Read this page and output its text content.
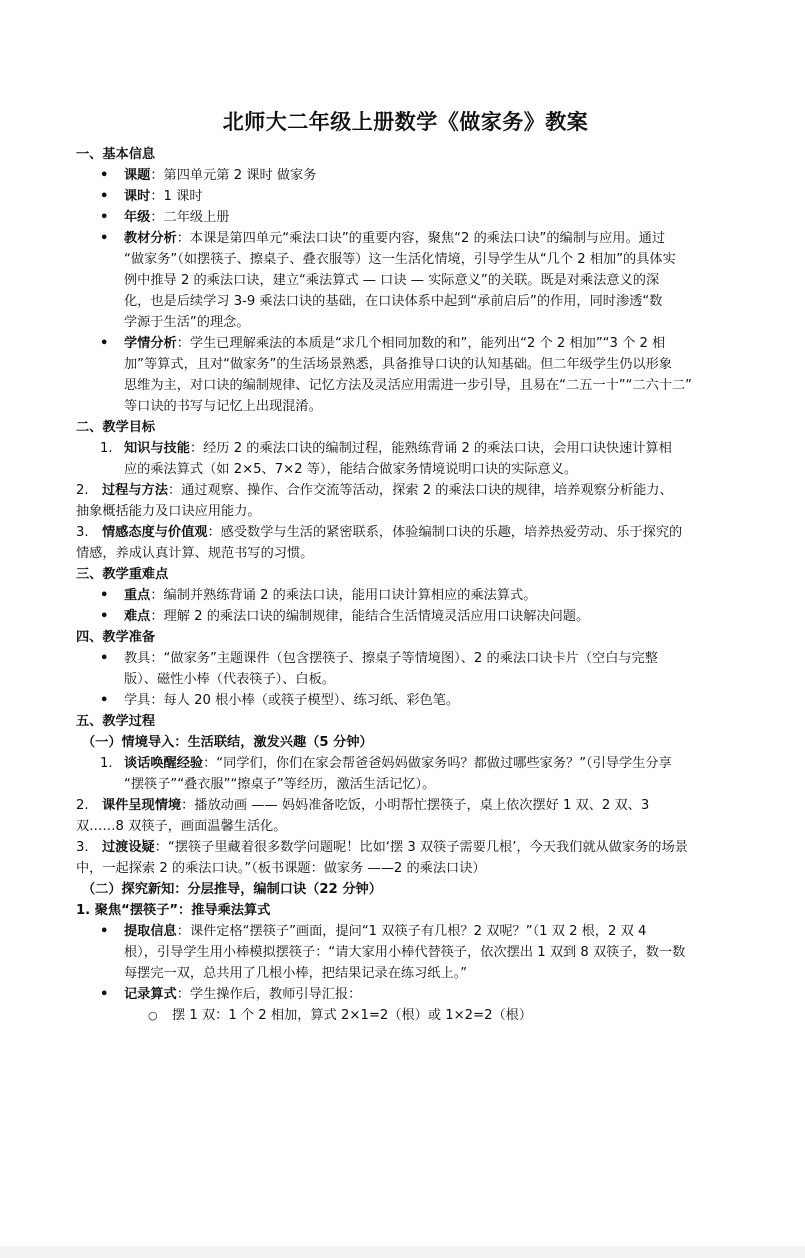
北师大二年级上册数学《做家务》教案
一、基本信息
• 课题：第四单元第 2 课时 做家务
• 课时：1 课时
• 年级：二年级上册
• 教材分析：本课是第四单元“乘法口诀”的重要内容，聚焦“2 的乘法口诀”的编制与应用。通过
“做家务”（如摆筷子、擦桌子、叠衣服等）这一生活化情境，引导学生从“几个 2 相加”的具体实
例中推导 2 的乘法口诀，建立“乘法算式 — 口诀 — 实际意义”的关联。既是对乘法意义的深
化，也是后续学习 3-9 乘法口诀的基础，在口诀体系中起到“承前启后”的作用，同时渗透“数
学源于生活”的理念。
• 学情分析：学生已理解乘法的本质是“求几个相同加数的和”，能列出“2 个 2 相加”“3 个 2 相
加”等算式，且对“做家务”的生活场景熟悉，具备推导口诀的认知基础。但二年级学生仍以形象
思维为主，对口诀的编制规律、记忆方法及灵活应用需进一步引导，且易在“二五一十”“二六十二”
等口诀的书写与记忆上出现混淆。
二、教学目标
1. 知识与技能：经历 2 的乘法口诀的编制过程，能熟练背诵 2 的乘法口诀，会用口诀快速计算相
应的乘法算式（如 2×5、7×2 等），能结合做家务情境说明口诀的实际意义。
2. 过程与方法：通过观察、操作、合作交流等活动，探索 2 的乘法口诀的规律，培养观察分析能力、
抽象概括能力及口诀应用能力。
3. 情感态度与价值观：感受数学与生活的紧密联系，体验编制口诀的乐趣，培养热爱劳动、乐于探究的
情感，养成认真计算、规范书写的习惯。
三、教学重难点
• 重点：编制并熟练背诵 2 的乘法口诀，能用口诀计算相应的乘法算式。
• 难点：理解 2 的乘法口诀的编制规律，能结合生活情境灵活应用口诀解决问题。
四、教学准备
• 教具：“做家务”主题课件（包含摆筷子、擦桌子等情境图）、2 的乘法口诀卡片（空白与完整
版）、磁性小棒（代表筷子）、白板。
• 学具：每人 20 根小棒（或筷子模型）、练习纸、彩色笔。
五、教学过程
（一）情境导入：生活联结，激发兴趣（5 分钟）
1. 谈话唤醒经验：“同学们，你们在家会帮爸爸妈妈做家务吗？都做过哪些家务？”（引导学生分享
“摆筷子”“叠衣服”“擦桌子”等经历，激活生活记忆）。
2. 课件呈现情境：播放动画 —— 妈妈准备吃饭，小明帮忙摆筷子，桌上依次摆好 1 双、2 双、3
双……8 双筷子，画面温馨生活化。
3. 过渡设疑：“摆筷子里藏着很多数学问题呢！比如‘摆 3 双筷子需要几根’，今天我们就从做家务的场景
中，一起探索 2 的乘法口诀。”（板书课题：做家务 ——2 的乘法口诀）
（二）探究新知：分层推导，编制口诀（22 分钟）
1. 聚焦“摆筷子”：推导乘法算式
• 提取信息：课件定格“摆筷子”画面，提问“1 双筷子有几根？2 双呢？”（1 双 2 根，2 双 4
根），引导学生用小棒模拟摆筷子：“请大家用小棒代替筷子，依次摆出 1 双到 8 双筷子，数一数
每摆完一双，总共用了几根小棒，把结果记录在练习纸上。”
• 记录算式：学生操作后，教师引导汇报：
○ 摆 1 双：1 个 2 相加，算式 2×1=2（根）或 1×2=2（根）
